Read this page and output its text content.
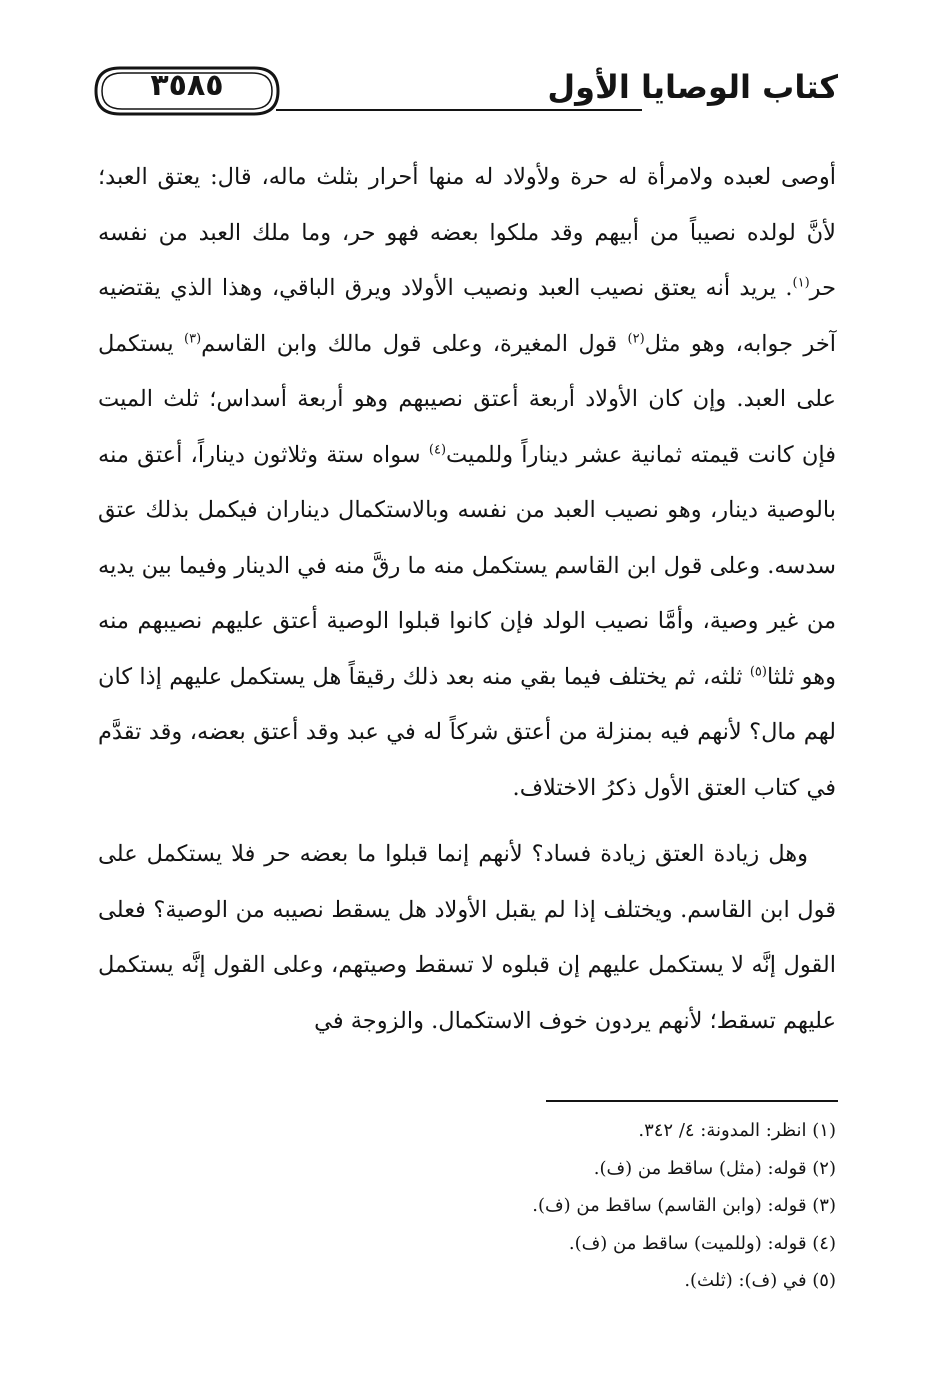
٣٥٨٥	كتاب الوصايا الأول

أوصى لعبده ولامرأة له حرة ولأولاد له منها أحرار بثلث ماله، قال: يعتق العبد؛ لأنَّ لولده نصيباً من أبيهم وقد ملكوا بعضه فهو حر، وما ملك العبد من نفسه حر$^{(١)}$. يريد أنه يعتق نصيب العبد ونصيب الأولاد ويرق الباقي، وهذا الذي يقتضيه آخر جوابه، وهو مثل$^{(٢)}$ قول المغيرة، وعلى قول مالك وابن القاسم$^{(٣)}$ يستكمل على العبد. وإن كان الأولاد أربعة أعتق نصيبهم وهو أربعة أسداس؛ ثلث الميت فإن كانت قيمته ثمانية عشر ديناراً وللميت$^{(٤)}$ سواه ستة وثلاثون ديناراً، أعتق منه بالوصية دينار، وهو نصيب العبد من نفسه وبالاستكمال ديناران فيكمل بذلك عتق سدسه. وعلى قول ابن القاسم يستكمل منه ما رقَّ منه في الدينار وفيما بين يديه من غير وصية، وأمَّا نصيب الولد فإن كانوا قبلوا الوصية أعتق عليهم نصيبهم منه وهو ثلثا$^{(٥)}$ ثلثه، ثم يختلف فيما بقي منه بعد ذلك رقيقاً هل يستكمل عليهم إذا كان لهم مال؟ لأنهم فيه بمنزلة من أعتق شركاً له في عبد وقد أعتق بعضه، وقد تقدَّم في كتاب العتق الأول ذكرُ الاختلاف.

وهل زيادة العتق زيادة فساد؟ لأنهم إنما قبلوا ما بعضه حر فلا يستكمل على قول ابن القاسم. ويختلف إذا لم يقبل الأولاد هل يسقط نصيبه من الوصية؟ فعلى القول إنَّه لا يستكمل عليهم إن قبلوه لا تسقط وصيتهم، وعلى القول إنَّه يستكمل عليهم تسقط؛ لأنهم يردون خوف الاستكمال. والزوجة في

(١) انظر: المدونة: ٤/ ٣٤٢.
(٢) قوله: (مثل) ساقط من (ف).
(٣) قوله: (وابن القاسم) ساقط من (ف).
(٤) قوله: (وللميت) ساقط من (ف).
(٥) في (ف): (ثلث).
